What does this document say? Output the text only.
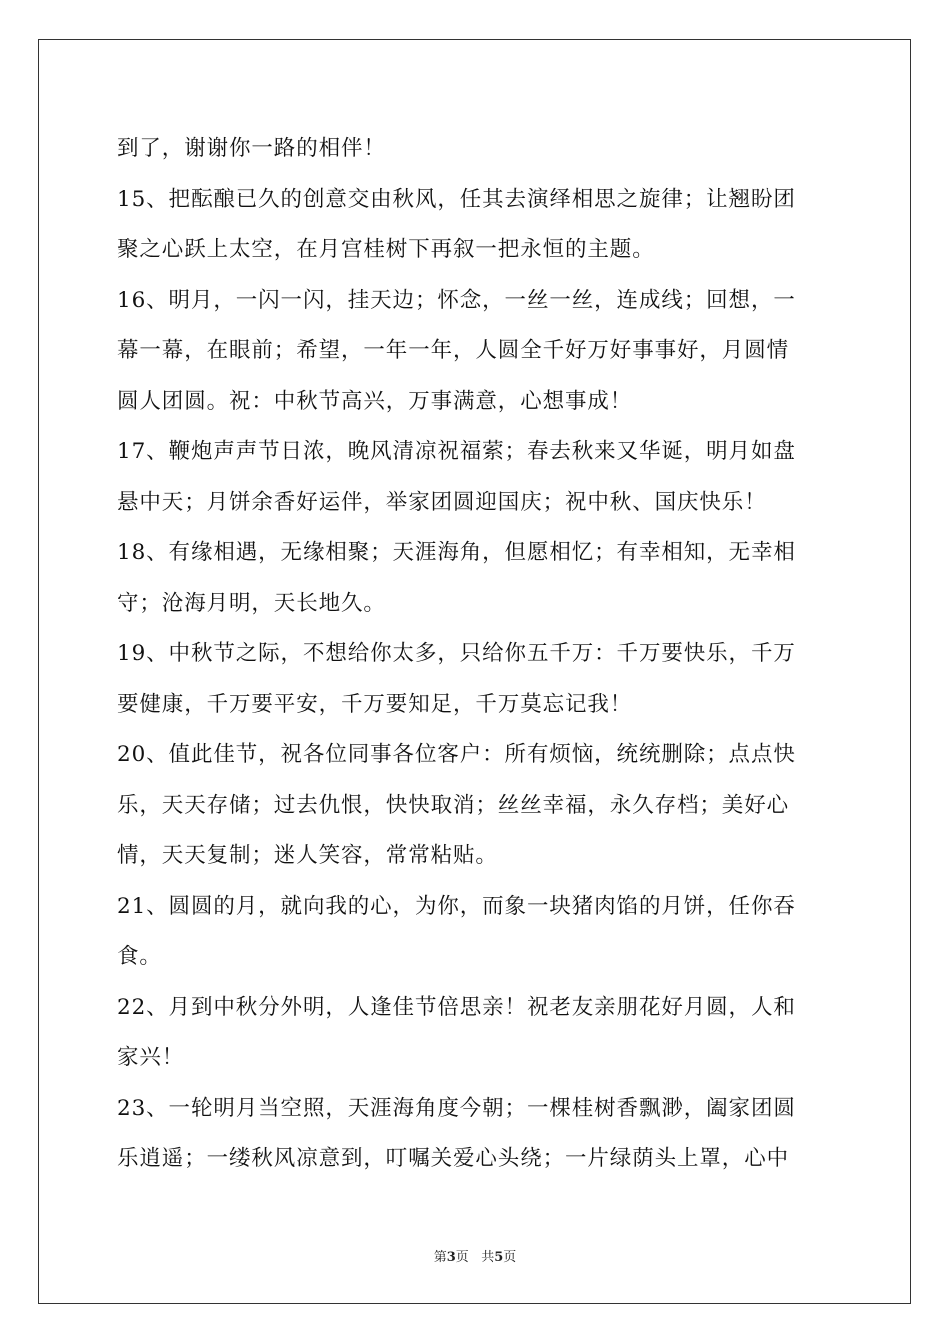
到了，谢谢你一路的相伴！
15、把酝酿已久的创意交由秋风，任其去演绎相思之旋律；让翘盼团
聚之心跃上太空，在月宫桂树下再叙一把永恒的主题。
16、明月，一闪一闪，挂天边；怀念，一丝一丝，连成线；回想，一
幕一幕，在眼前；希望，一年一年，人圆全千好万好事事好，月圆情
圆人团圆。祝：中秋节高兴，万事满意，心想事成！
17、鞭炮声声节日浓，晚风清凉祝福萦；春去秋来又华诞，明月如盘
悬中天；月饼余香好运伴，举家团圆迎国庆；祝中秋、国庆快乐！
18、有缘相遇，无缘相聚；天涯海角，但愿相忆；有幸相知，无幸相
守；沧海月明，天长地久。
19、中秋节之际，不想给你太多，只给你五千万：千万要快乐，千万
要健康，千万要平安，千万要知足，千万莫忘记我！
20、值此佳节，祝各位同事各位客户：所有烦恼，统统删除；点点快
乐，天天存储；过去仇恨，快快取消；丝丝幸福，永久存档；美好心
情，天天复制；迷人笑容，常常粘贴。
21、圆圆的月，就向我的心，为你，而象一块猪肉馅的月饼，任你吞
食。
22、月到中秋分外明，人逢佳节倍思亲！祝老友亲朋花好月圆，人和
家兴！
23、一轮明月当空照，天涯海角度今朝；一棵桂树香飘渺，阖家团圆
乐逍遥；一缕秋风凉意到，叮嘱关爱心头绕；一片绿荫头上罩，心中
第3页 共5页
